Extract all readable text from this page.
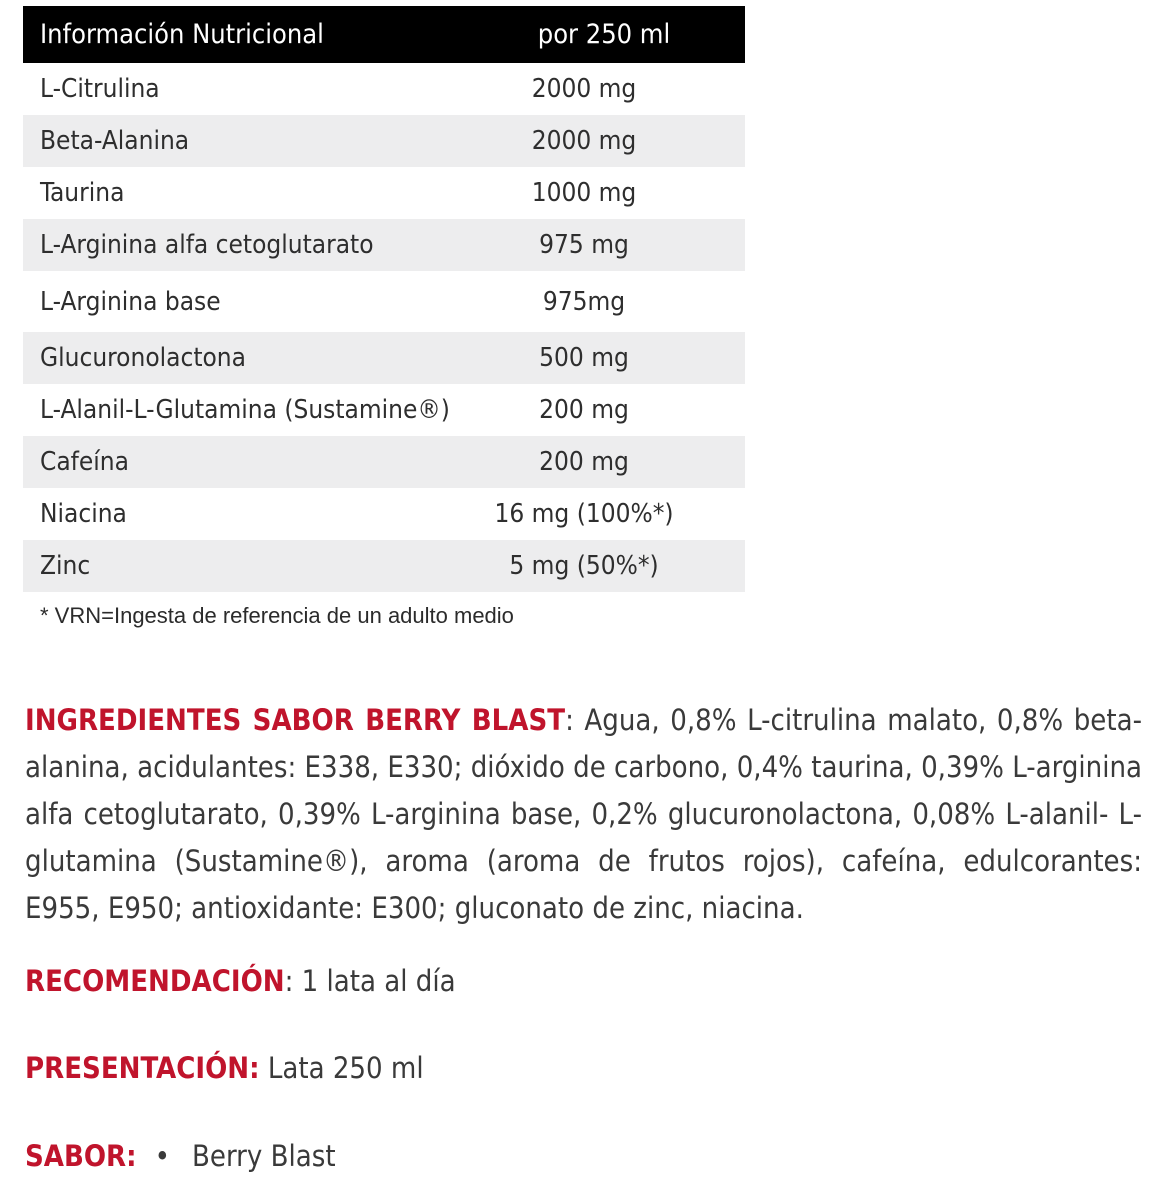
Información Nutricional	por 250 ml
L-Citrulina	2000 mg
Beta-Alanina	2000 mg
Taurina	1000 mg
L-Arginina alfa cetoglutarato	975 mg
L-Arginina base	975mg
Glucuronolactona	500 mg
L-Alanil-L-Glutamina (Sustamine®)	200 mg
Cafeína	200 mg
Niacina	16 mg (100%*)
Zinc	5 mg (50%*)
* VRN=Ingesta de referencia de un adulto medio
INGREDIENTES SABOR BERRY BLAST: Agua, 0,8% L-citrulina malato, 0,8% beta-alanina, acidulantes: E338, E330; dióxido de carbono, 0,4% taurina, 0,39% L-arginina alfa cetoglutarato, 0,39% L-arginina base, 0,2% glucuronolactona, 0,08% L-alanil- L-glutamina (Sustamine®), aroma (aroma de frutos rojos), cafeína, edulcorantes: E955, E950; antioxidante: E300; gluconato de zinc, niacina.
RECOMENDACIÓN: 1 lata al día
PRESENTACIÓN: Lata 250 ml
SABOR: • Berry Blast
